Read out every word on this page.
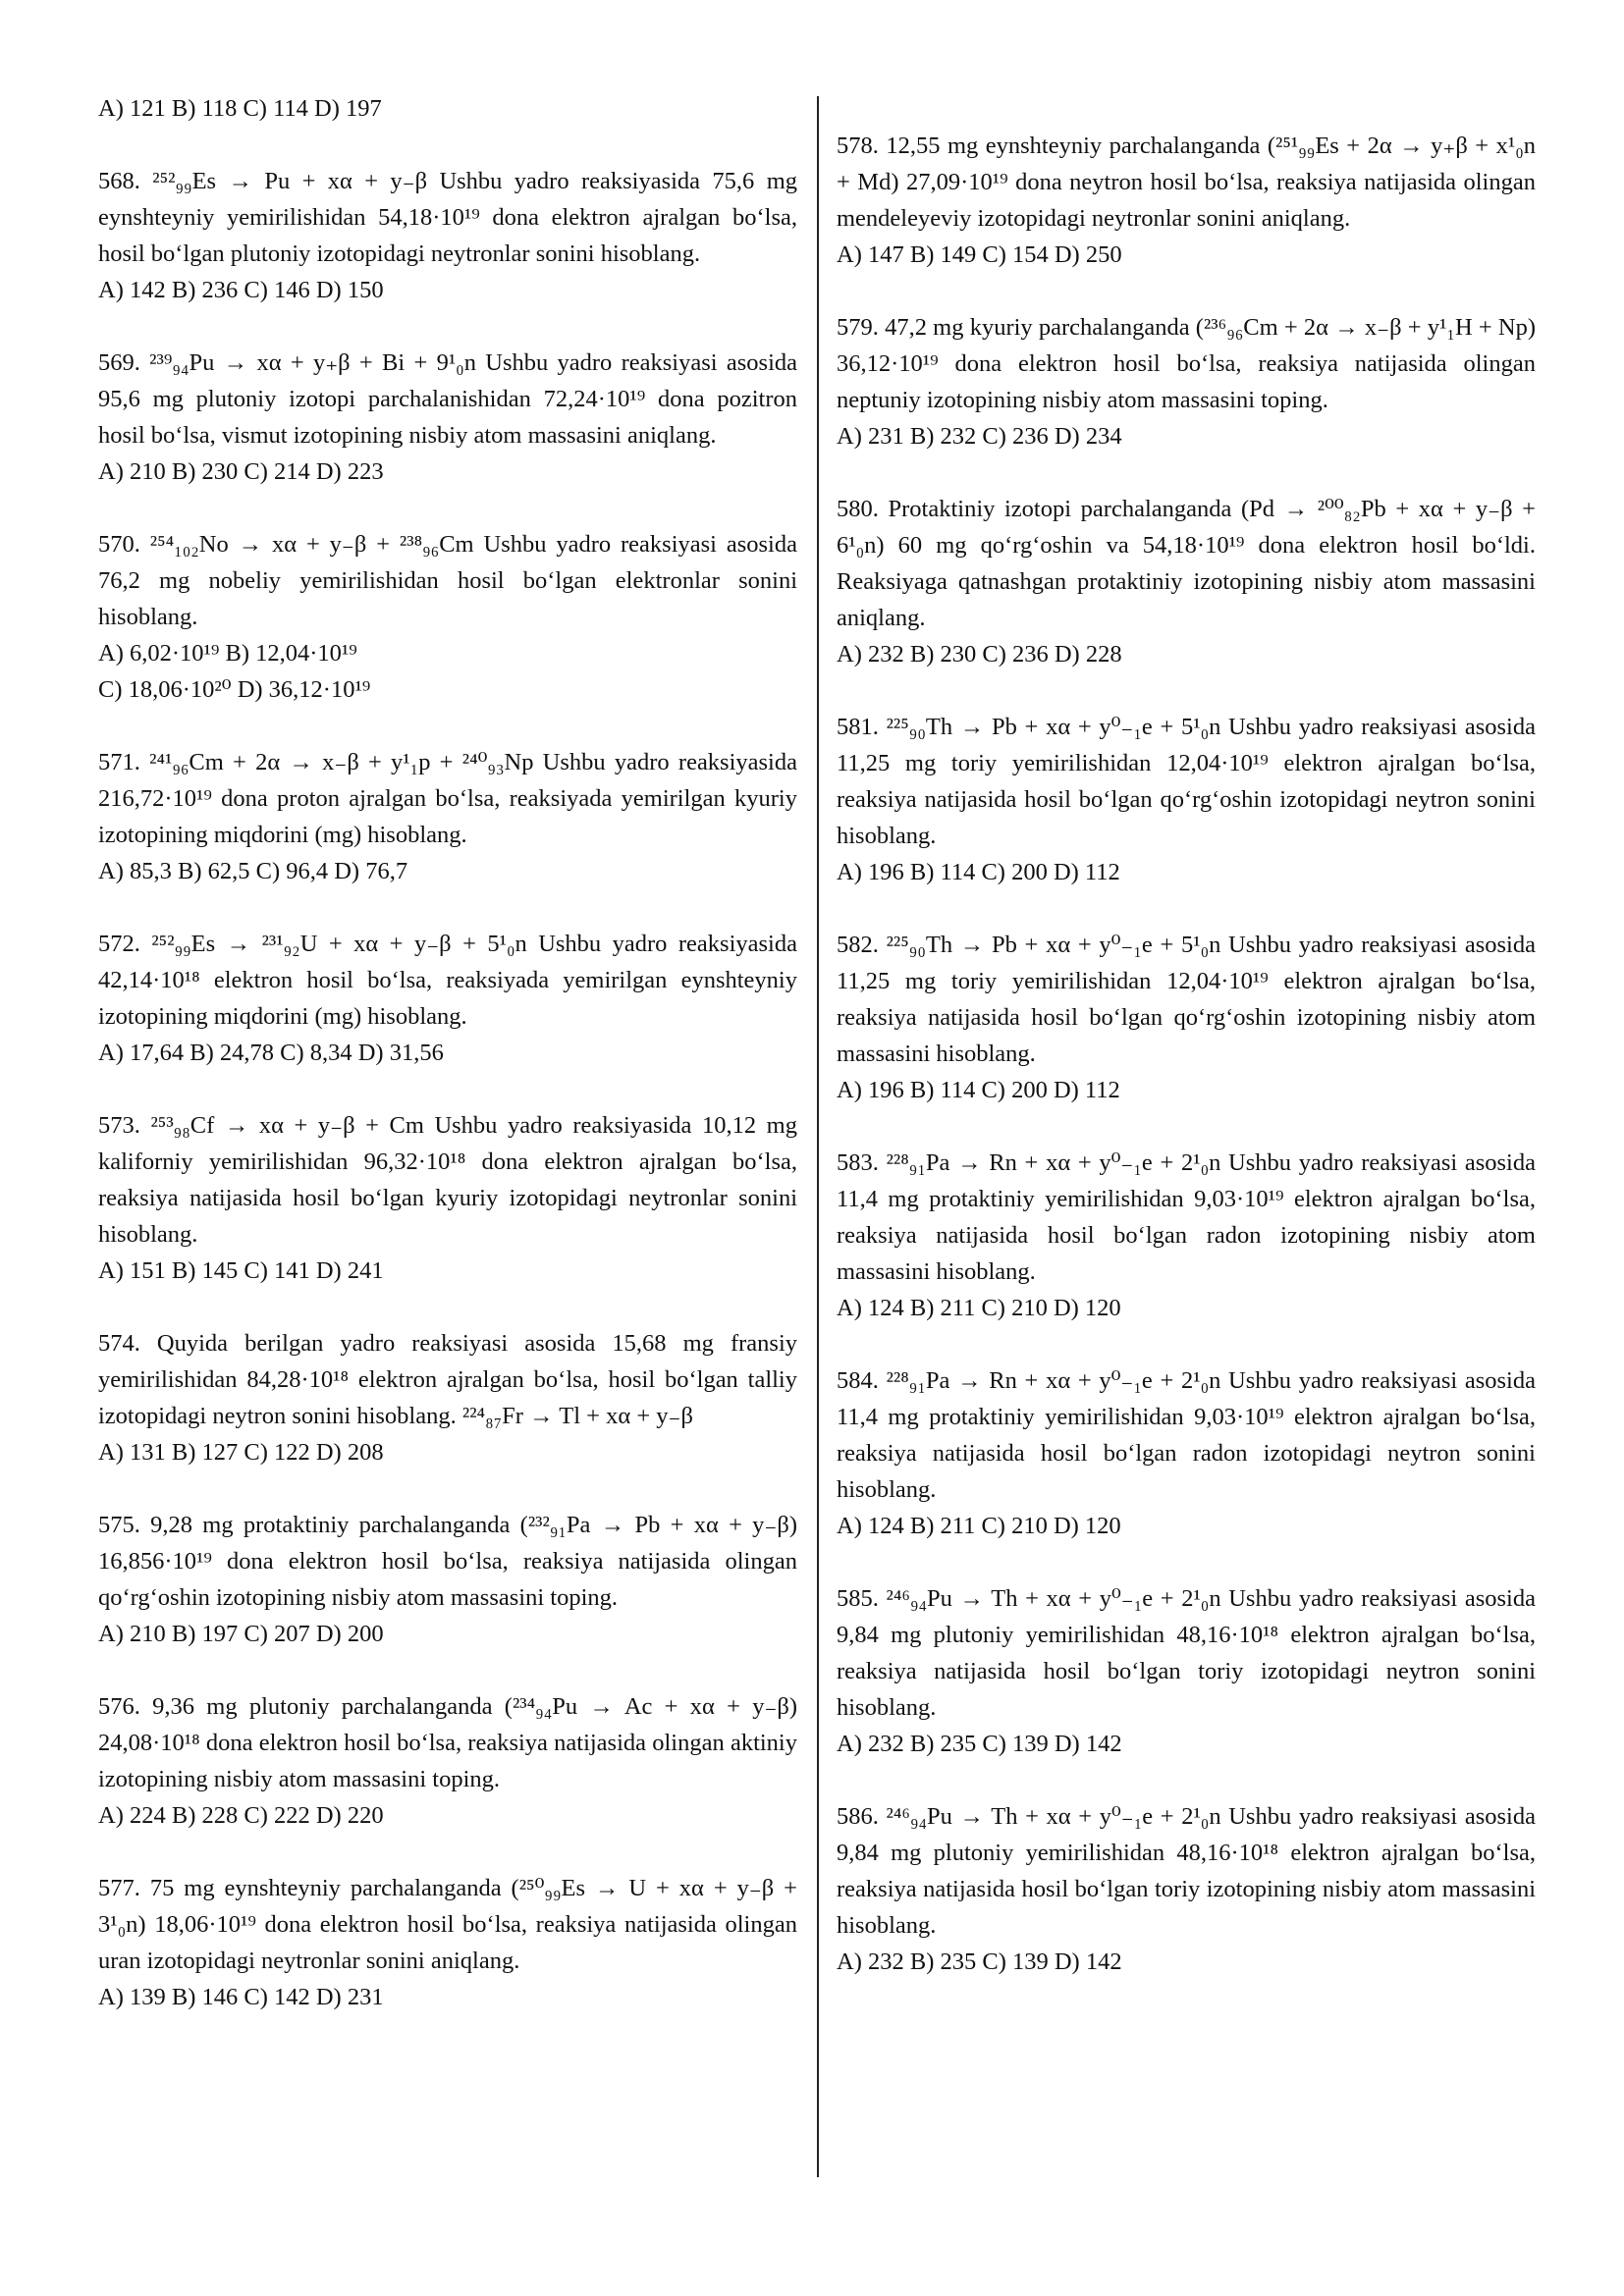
A) 121 B) 118 C) 114 D) 197
568. ²⁵²₉₉Es → Pu + xα + y₋β Ushbu yadro reaksiyasida 75,6 mg eynshteyniy yemirilishidan 54,18·10¹⁹ dona elektron ajralgan bo‘lsa, hosil bo‘lgan plutoniy izotopidagi neytronlar sonini hisoblang.
A) 142 B) 236 C) 146 D) 150
569. ²³⁹₉₄Pu → xα + y₊β + Bi + 9¹₀n Ushbu yadro reaksiyasi asosida 95,6 mg plutoniy izotopi parchalanishidan 72,24·10¹⁹ dona pozitron hosil bo‘lsa, vismut izotopining nisbiy atom massasini aniqlang.
A) 210 B) 230 C) 214 D) 223
570. ²⁵⁴₁₀₂No → xα + y₋β + ²³⁸₉₆Cm Ushbu yadro reaksiyasi asosida 76,2 mg nobeliy yemirilishidan hosil bo‘lgan elektronlar sonini hisoblang.
A) 6,02·10¹⁹ B) 12,04·10¹⁹
C) 18,06·10²⁰ D) 36,12·10¹⁹
571. ²⁴¹₉₆Cm + 2α → x₋β + y¹₁p + ²⁴⁰₉₃Np Ushbu yadro reaksiyasida 216,72·10¹⁹ dona proton ajralgan bo‘lsa, reaksiyada yemirilgan kyuriy izotopining miqdorini (mg) hisoblang.
A) 85,3 B) 62,5 C) 96,4 D) 76,7
572. ²⁵²₉₉Es → ²³¹₉₂U + xα + y₋β + 5¹₀n Ushbu yadro reaksiyasida 42,14·10¹⁸ elektron hosil bo‘lsa, reaksiyada yemirilgan eynshteyniy izotopining miqdorini (mg) hisoblang.
A) 17,64 B) 24,78 C) 8,34 D) 31,56
573. ²⁵³₉₈Cf → xα + y₋β + Cm Ushbu yadro reaksiyasida 10,12 mg kaliforniy yemirilishidan 96,32·10¹⁸ dona elektron ajralgan bo‘lsa, reaksiya natijasida hosil bo‘lgan kyuriy izotopidagi neytronlar sonini hisoblang.
A) 151 B) 145 C) 141 D) 241
574. Quyida berilgan yadro reaksiyasi asosida 15,68 mg fransiy yemirilishidan 84,28·10¹⁸ elektron ajralgan bo‘lsa, hosil bo‘lgan talliy izotopidagi neytron sonini hisoblang. ²²⁴₈₇Fr → Tl + xα + y₋β
A) 131 B) 127 C) 122 D) 208
575. 9,28 mg protaktiniy parchalanganda (²³²₉₁Pa → Pb + xα + y₋β) 16,856·10¹⁹ dona elektron hosil bo‘lsa, reaksiya natijasida olingan qo‘rg‘oshin izotopining nisbiy atom massasini toping.
A) 210 B) 197 C) 207 D) 200
576. 9,36 mg plutoniy parchalanganda (²³⁴₉₄Pu → Ac + xα + y₋β) 24,08·10¹⁸ dona elektron hosil bo‘lsa, reaksiya natijasida olingan aktiniy izotopining nisbiy atom massasini toping.
A) 224 B) 228 C) 222 D) 220
577. 75 mg eynshteyniy parchalanganda (²⁵⁰₉₉Es → U + xα + y₋β + 3¹₀n) 18,06·10¹⁹ dona elektron hosil bo‘lsa, reaksiya natijasida olingan uran izotopidagi neytronlar sonini aniqlang.
A) 139 B) 146 C) 142 D) 231
578. 12,55 mg eynshteyniy parchalanganda (²⁵¹₉₉Es + 2α → y₊β + x¹₀n + Md) 27,09·10¹⁹ dona neytron hosil bo‘lsa, reaksiya natijasida olingan mendeleyeviy izotopidagi neytronlar sonini aniqlang.
A) 147 B) 149 C) 154 D) 250
579. 47,2 mg kyuriy parchalanganda (²³⁶₉₆Cm + 2α → x₋β + y¹₁H + Np) 36,12·10¹⁹ dona elektron hosil bo‘lsa, reaksiya natijasida olingan neptuniy izotopining nisbiy atom massasini toping.
A) 231 B) 232 C) 236 D) 234
580. Protaktiniy izotopi parchalanganda (Pd → ²⁰⁰₈₂Pb + xα + y₋β + 6¹₀n) 60 mg qo‘rg‘oshin va 54,18·10¹⁹ dona elektron hosil bo‘ldi. Reaksiyaga qatnashgan protaktiniy izotopining nisbiy atom massasini aniqlang.
A) 232 B) 230 C) 236 D) 228
581. ²²⁵₉₀Th → Pb + xα + y⁰₋₁e + 5¹₀n Ushbu yadro reaksiyasi asosida 11,25 mg toriy yemirilishidan 12,04·10¹⁹ elektron ajralgan bo‘lsa, reaksiya natijasida hosil bo‘lgan qo‘rg‘oshin izotopidagi neytron sonini hisoblang.
A) 196 B) 114 C) 200 D) 112
582. ²²⁵₉₀Th → Pb + xα + y⁰₋₁e + 5¹₀n Ushbu yadro reaksiyasi asosida 11,25 mg toriy yemirilishidan 12,04·10¹⁹ elektron ajralgan bo‘lsa, reaksiya natijasida hosil bo‘lgan qo‘rg‘oshin izotopining nisbiy atom massasini hisoblang.
A) 196 B) 114 C) 200 D) 112
583. ²²⁸₉₁Pa → Rn + xα + y⁰₋₁e + 2¹₀n Ushbu yadro reaksiyasi asosida 11,4 mg protaktiniy yemirilishidan 9,03·10¹⁹ elektron ajralgan bo‘lsa, reaksiya natijasida hosil bo‘lgan radon izotopining nisbiy atom massasini hisoblang.
A) 124 B) 211 C) 210 D) 120
584. ²²⁸₉₁Pa → Rn + xα + y⁰₋₁e + 2¹₀n Ushbu yadro reaksiyasi asosida 11,4 mg protaktiniy yemirilishidan 9,03·10¹⁹ elektron ajralgan bo‘lsa, reaksiya natijasida hosil bo‘lgan radon izotopidagi neytron sonini hisoblang.
A) 124 B) 211 C) 210 D) 120
585. ²⁴⁶₉₄Pu → Th + xα + y⁰₋₁e + 2¹₀n Ushbu yadro reaksiyasi asosida 9,84 mg plutoniy yemirilishidan 48,16·10¹⁸ elektron ajralgan bo‘lsa, reaksiya natijasida hosil bo‘lgan toriy izotopidagi neytron sonini hisoblang.
A) 232 B) 235 C) 139 D) 142
586. ²⁴⁶₉₄Pu → Th + xα + y⁰₋₁e + 2¹₀n Ushbu yadro reaksiyasi asosida 9,84 mg plutoniy yemirilishidan 48,16·10¹⁸ elektron ajralgan bo‘lsa, reaksiya natijasida hosil bo‘lgan toriy izotopining nisbiy atom massasini hisoblang.
A) 232 B) 235 C) 139 D) 142
